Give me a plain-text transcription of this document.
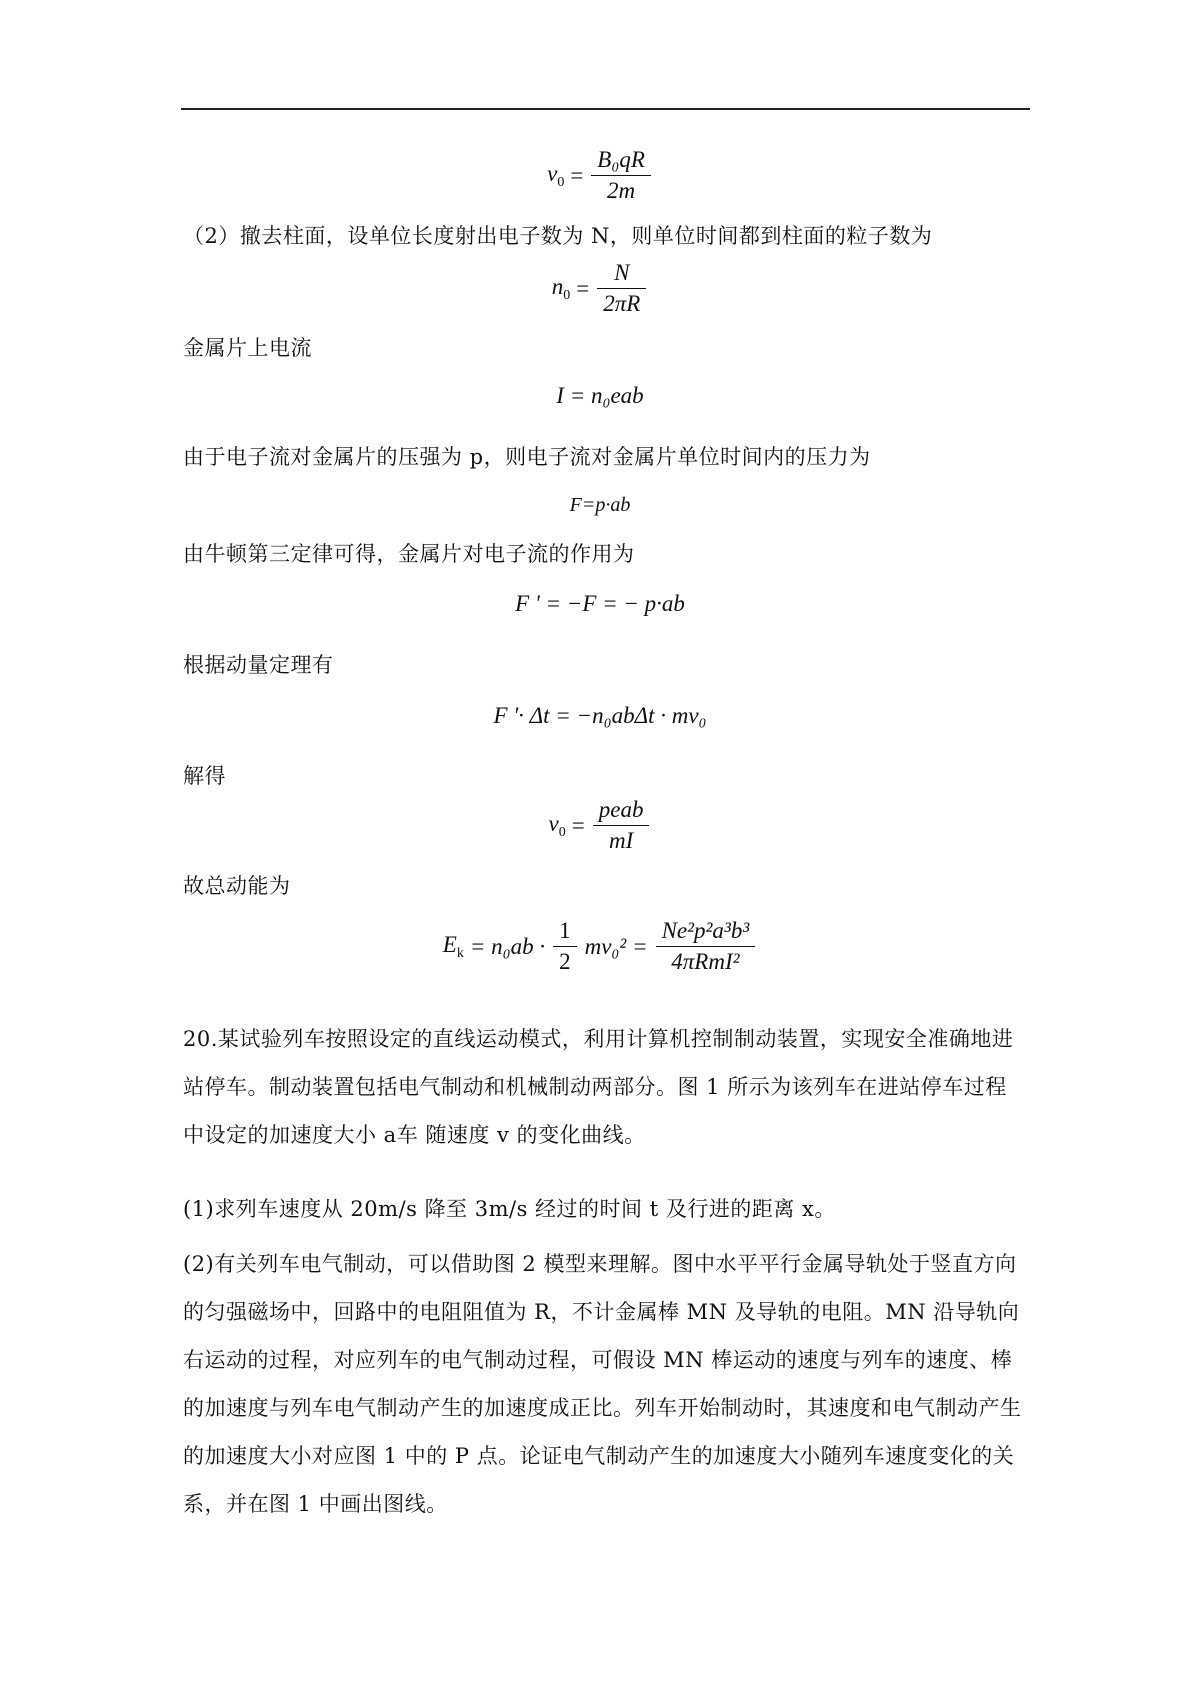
$v_0 = \frac{\text{B₀qR}}{2m}$
（2）撤去柱面，设单位长度射出电子数为 N，则单位时间都到柱面的粒子数为
$n_0 = \frac{N}{2\pi R}$
金属片上电流
I = n₀eab
由于电子流对金属片的压强为 p，则电子流对金属片单位时间内的压力为
F=p·ab
由牛顿第三定律可得，金属片对电子流的作用为
F ' = −F = − p·ab
根据动量定理有
F '· Δt = −n₀abΔt · mv₀
解得
$v_0 = \frac{\text{peab}}{mI}$
故总动能为
$E_k = n_0ab \cdot \frac{1}{2} mv_0^2 = \frac{\text{Ne²p²a³b³}}{\text{4πRmI²}}$
20.某试验列车按照设定的直线运动模式，利用计算机控制制动装置，实现安全准确地进站停车。制动装置包括电气制动和机械制动两部分。图 1 所示为该列车在进站停车过程中设定的加速度大小 a车 随速度 v 的变化曲线。
(1)求列车速度从 20m/s 降至 3m/s 经过的时间 t 及行进的距离 x。
(2)有关列车电气制动，可以借助图 2 模型来理解。图中水平平行金属导轨处于竖直方向的匀强磁场中，回路中的电阻阻值为 R，不计金属棒 MN 及导轨的电阻。MN 沿导轨向右运动的过程，对应列车的电气制动过程，可假设 MN 棒运动的速度与列车的速度、棒的加速度与列车电气制动产生的加速度成正比。列车开始制动时，其速度和电气制动产生的加速度大小对应图 1 中的 P 点。论证电气制动产生的加速度大小随列车速度变化的关系，并在图 1 中画出图线。
